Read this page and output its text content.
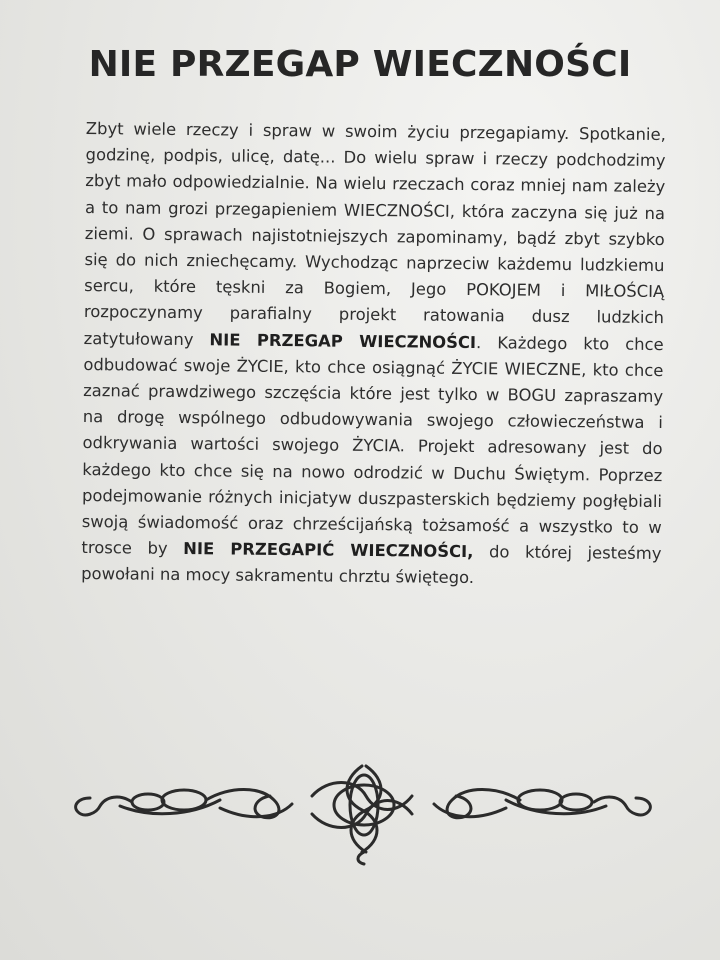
NIE PRZEGAP WIECZNOŚCI

Zbyt wiele rzeczy i spraw w swoim życiu przegapiamy. Spotkanie, godzinę, podpis, ulicę, datę... Do wielu spraw i rzeczy podchodzimy zbyt mało odpowiedzialnie. Na wielu rzeczach coraz mniej nam zależy a to nam grozi przegapieniem WIECZNOŚCI, która zaczyna się już na ziemi. O sprawach najistotniejszych zapominamy, bądź zbyt szybko się do nich zniechęcamy. Wychodząc naprzeciw każdemu ludzkiemu sercu, które tęskni za Bogiem, Jego POKOJEM i MIŁOŚCIĄ rozpoczynamy parafialny projekt ratowania dusz ludzkich zatytułowany NIE PRZEGAP WIECZNOŚCI. Każdego kto chce odbudować swoje ŻYCIE, kto chce osiągnąć ŻYCIE WIECZNE, kto chce zaznać prawdziwego szczęścia które jest tylko w BOGU zapraszamy na drogę wspólnego odbudowywania swojego człowieczeństwa i odkrywania wartości swojego ŻYCIA. Projekt adresowany jest do każdego kto chce się na nowo odrodzić w Duchu Świętym. Poprzez podejmowanie różnych inicjatyw duszpasterskich będziemy pogłębiali swoją świadomość oraz chrześcijańską tożsamość a wszystko to w trosce by NIE PRZEGAPIĆ WIECZNOŚCI, do której jesteśmy powołani na mocy sakramentu chrztu świętego.
